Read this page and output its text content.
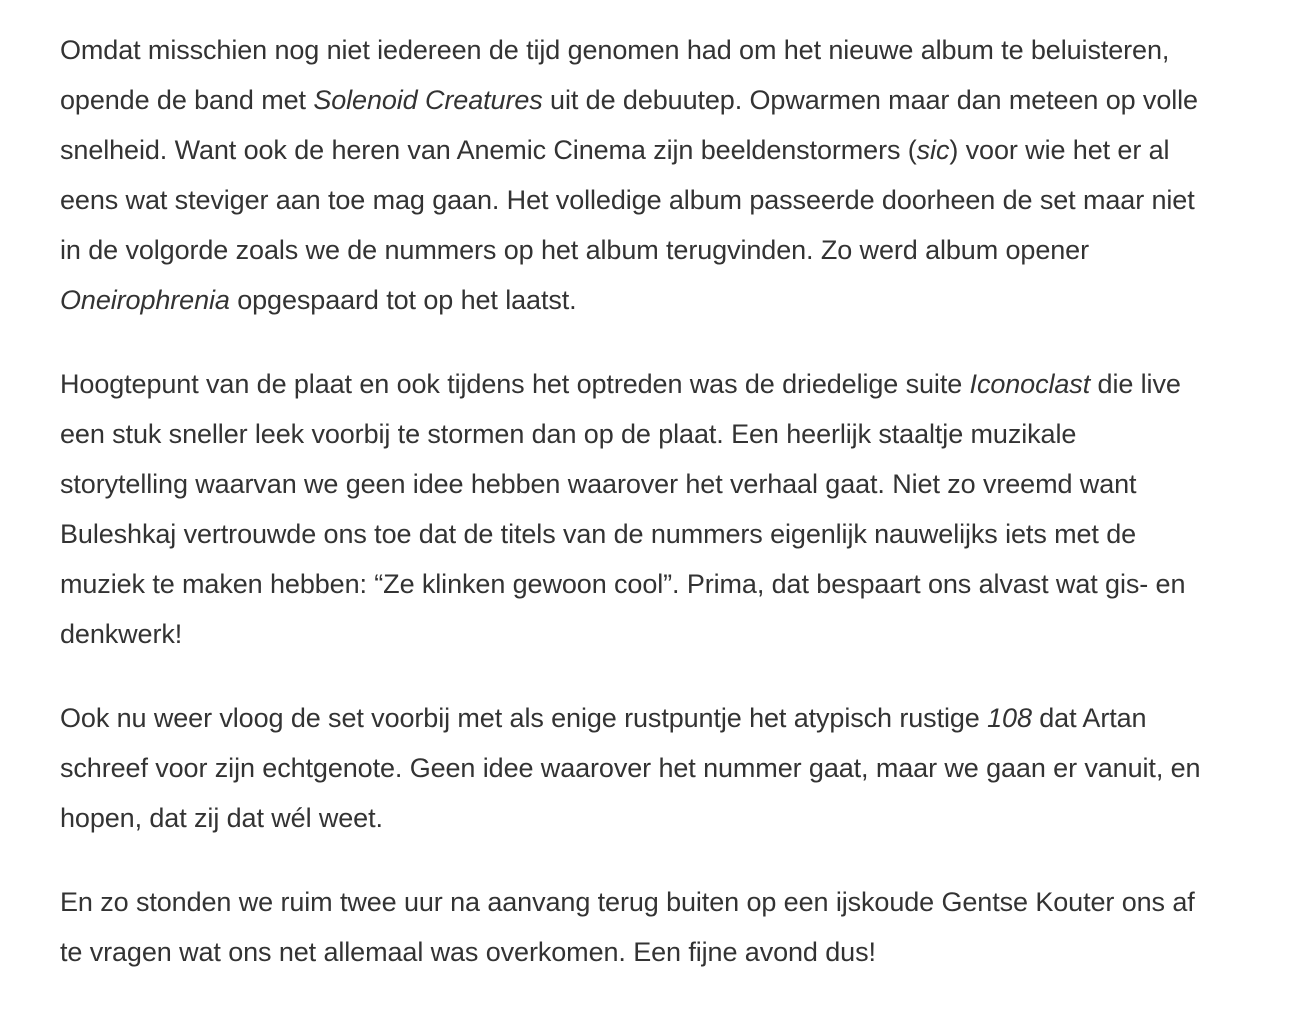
Omdat misschien nog niet iedereen de tijd genomen had om het nieuwe album te beluisteren,
opende de band met Solenoid Creatures uit de debuutep. Opwarmen maar dan meteen op volle
snelheid. Want ook de heren van Anemic Cinema zijn beeldenstormers (sic) voor wie het er al
eens wat steviger aan toe mag gaan. Het volledige album passeerde doorheen de set maar niet
in de volgorde zoals we de nummers op het album terugvinden. Zo werd album opener
Oneirophrenia opgespaard tot op het laatst.

Hoogtepunt van de plaat en ook tijdens het optreden was de driedelige suite Iconoclast die live
een stuk sneller leek voorbij te stormen dan op de plaat. Een heerlijk staaltje muzikale
storytelling waarvan we geen idee hebben waarover het verhaal gaat. Niet zo vreemd want
Buleshkaj vertrouwde ons toe dat de titels van de nummers eigenlijk nauwelijks iets met de
muziek te maken hebben: “Ze klinken gewoon cool”. Prima, dat bespaart ons alvast wat gis- en
denkwerk!

Ook nu weer vloog de set voorbij met als enige rustpuntje het atypisch rustige 108 dat Artan
schreef voor zijn echtgenote. Geen idee waarover het nummer gaat, maar we gaan er vanuit, en
hopen, dat zij dat wél weet.

En zo stonden we ruim twee uur na aanvang terug buiten op een ijskoude Gentse Kouter ons af
te vragen wat ons net allemaal was overkomen. Een fijne avond dus!
